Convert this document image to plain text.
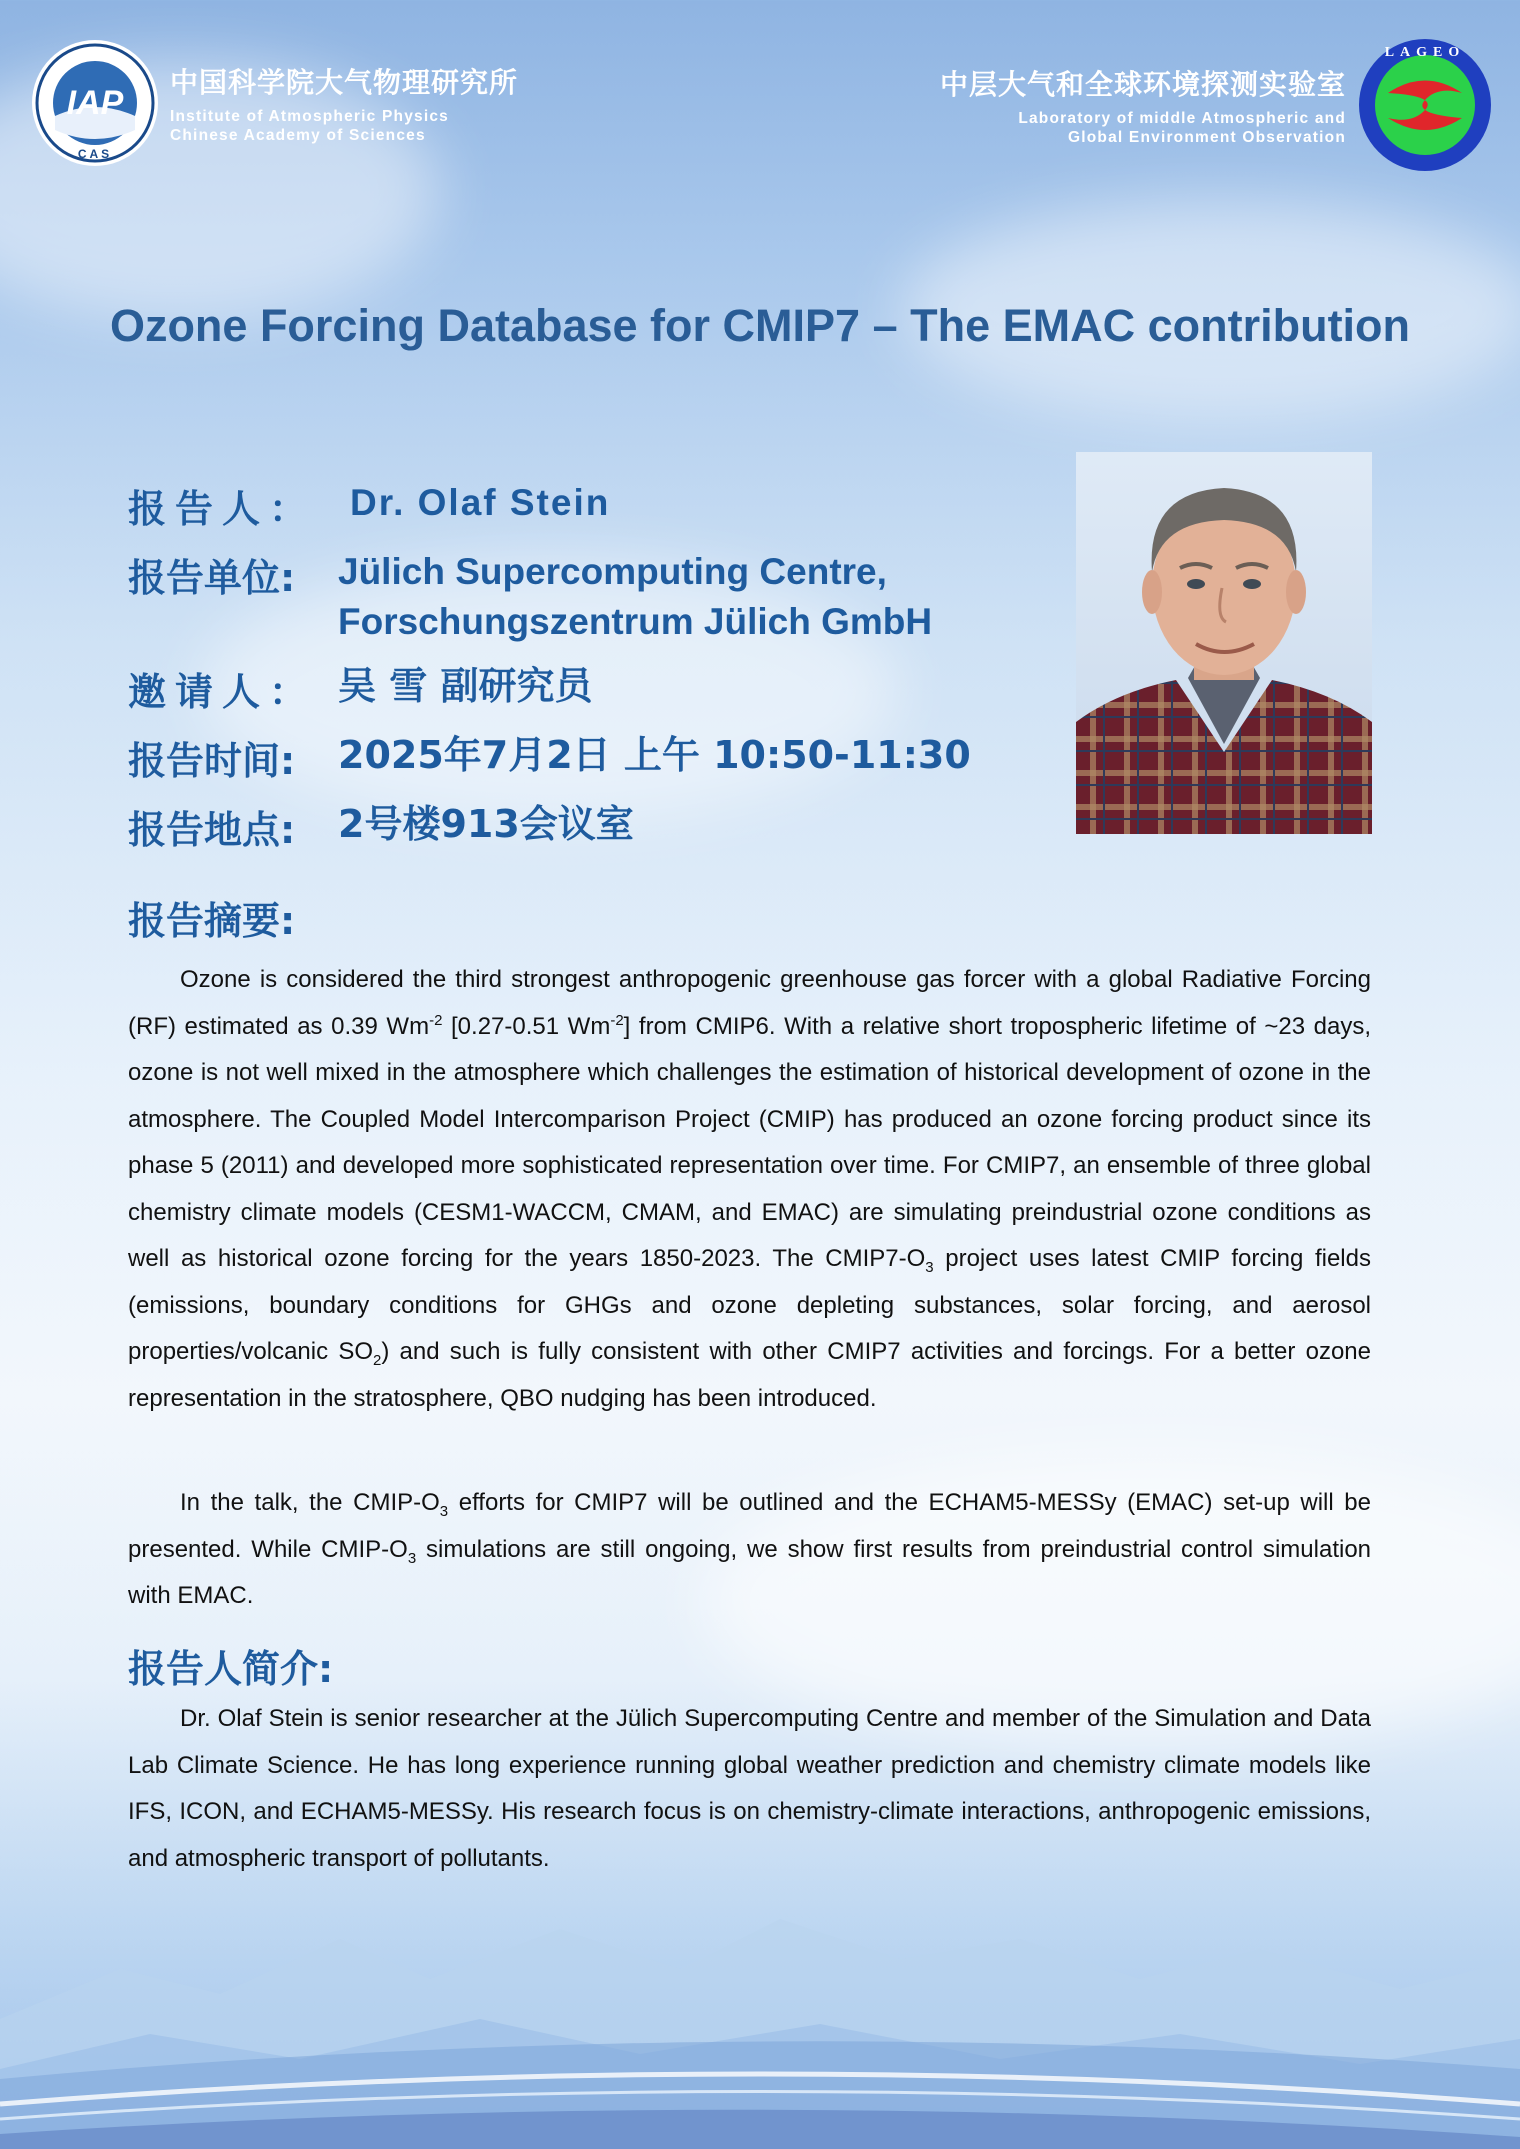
IAP
CAS
中国科学院大气物理研究所
Institute of Atmospheric Physics
Chinese Academy of Sciences
中层大气和全球环境探测实验室
Laboratory of middle Atmospheric and
Global Environment Observation
LAGEO
Ozone Forcing Database for CMIP7 – The EMAC contribution
报告人： Dr. Olaf Stein
报告单位:	Jülich Supercomputing Centre,
Forschungszentrum Jülich GmbH
邀请人： 吴 雪 副研究员
报告时间:	2025年7月2日 上午 10:50-11:30
报告地点:	2号楼913会议室
报告摘要:

Ozone is considered the third strongest anthropogenic greenhouse gas forcer with a global Radiative Forcing (RF) estimated as 0.39 $Wm^{-2}$ [0.27-0.51 $Wm^{-2}$] from CMIP6. With a relative short tropospheric lifetime of ~23 days, ozone is not well mixed in the atmosphere which challenges the estimation of historical development of ozone in the atmosphere. The Coupled Model Intercomparison Project (CMIP) has produced an ozone forcing product since its phase 5 (2011) and developed more sophisticated representation over time. For CMIP7, an ensemble of three global chemistry climate models (CESM1-WACCM, CMAM, and EMAC) are simulating preindustrial ozone conditions as well as historical ozone forcing for the years 1850-2023. The $CMIP7-O_3$ project uses latest CMIP forcing fields (emissions, boundary conditions for GHGs and ozone depleting substances, solar forcing, and aerosol properties/volcanic $SO_2$) and such is fully consistent with other CMIP7 activities and forcings. For a better ozone representation in the stratosphere, QBO nudging has been introduced.

In the talk, the CMIP-$O_3$ efforts for CMIP7 will be outlined and the ECHAM5-MESSy (EMAC) set-up will be presented. While CMIP-$O_3$ simulations are still ongoing, we show first results from preindustrial control simulation with EMAC.

报告人简介:

Dr. Olaf Stein is senior researcher at the Jülich Supercomputing Centre and member of the Simulation and Data Lab Climate Science. He has long experience running global weather prediction and chemistry climate models like IFS, ICON, and ECHAM5-MESSy. His research focus is on chemistry-climate interactions, anthropogenic emissions, and atmospheric transport of pollutants.
